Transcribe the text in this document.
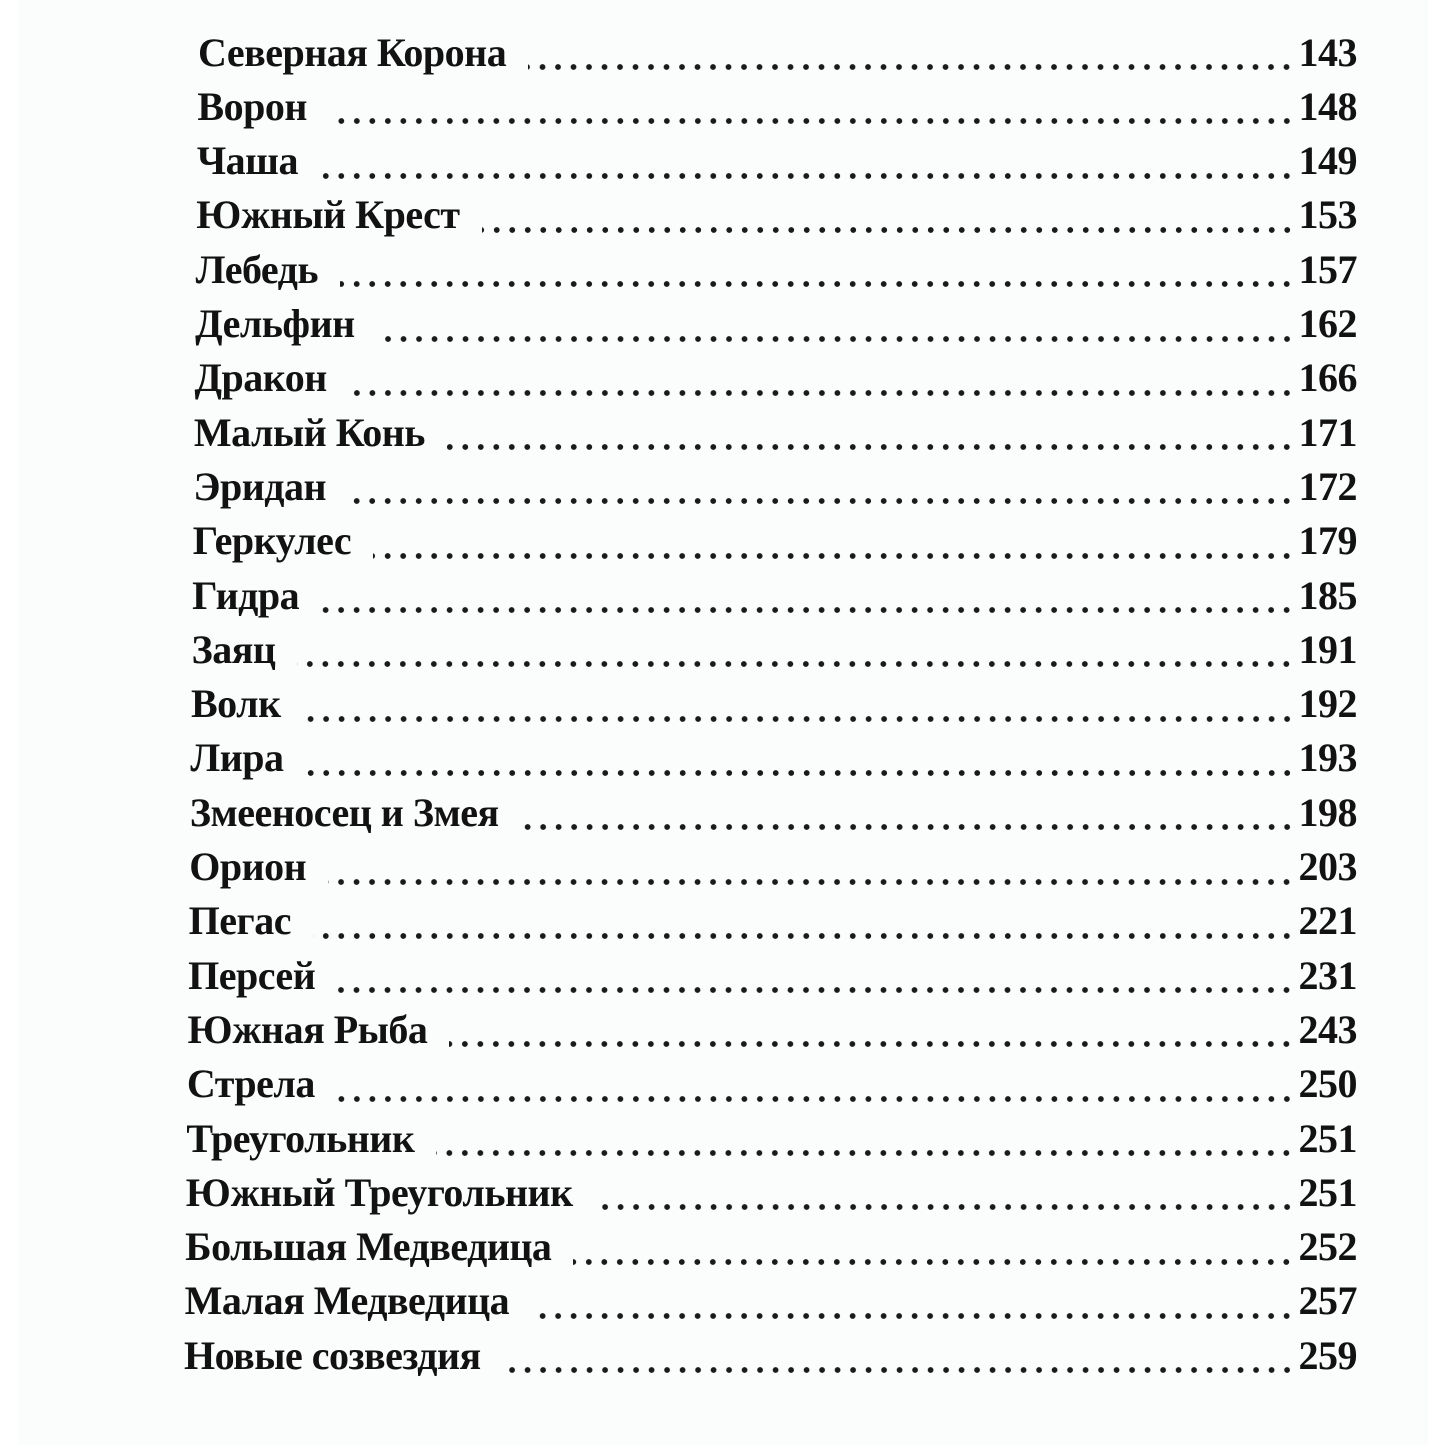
Северная Корона	143
Ворон	148
Чаша	149
Южный Крест	153
Лебедь	157
Дельфин	162
Дракон	166
Малый Конь	171
Эридан	172
Геркулес	179
Гидра	185
Заяц	191
Волк	192
Лира	193
Змееносец и Змея	198
Орион	203
Пегас	221
Персей	231
Южная Рыба	243
Стрела	250
Треугольник	251
Южный Треугольник	251
Большая Медведица	252
Малая Медведица	257
Новые созвездия	259
